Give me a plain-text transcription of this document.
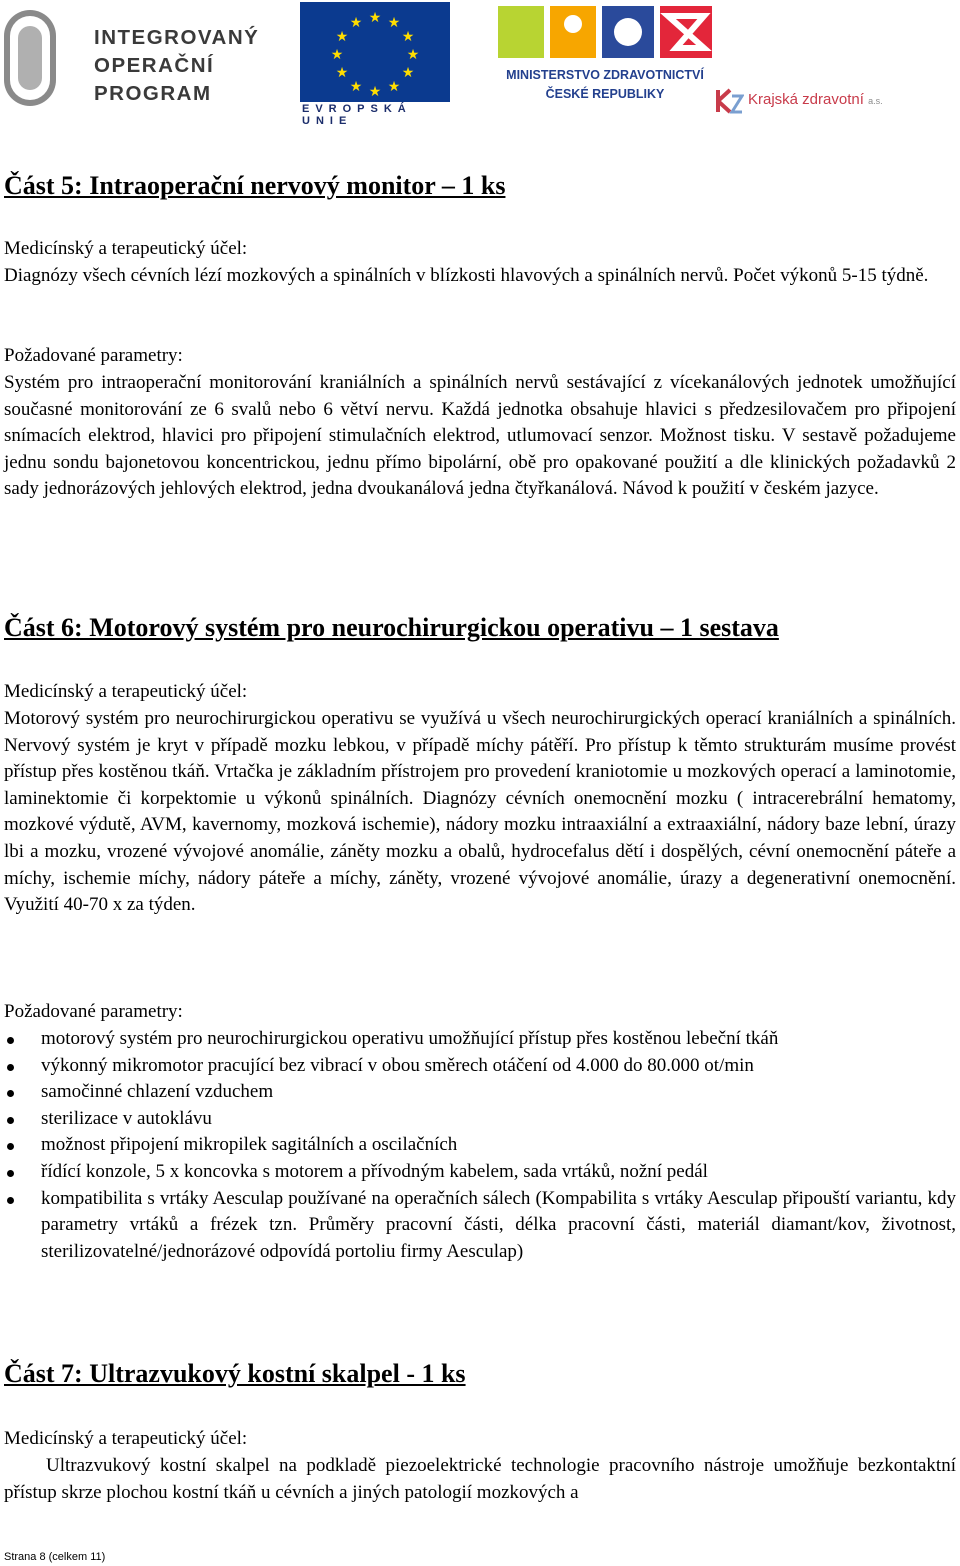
INTEGROVANÝ
OPERAČNÍ
PROGRAM
★ ★
★
★
★
★
★
★
★
★
★
★
EVROPSKÁ UNIE
MINISTERSTVO ZDRAVOTNICTVÍ
ČESKÉ REPUBLIKY	Krajská zdravotní a.s.
Část 5: Intraoperační nervový monitor – 1 ks

Medicínský a terapeutický účel:

Diagnózy všech cévních lézí mozkových a spinálních v blízkosti hlavových a spinálních nervů. Počet výkonů 5-15 týdně.

Požadované parametry:

Systém pro intraoperační monitorování kraniálních a spinálních nervů sestávající z vícekanálových jednotek umožňující současné monitorování ze 6 svalů nebo 6 větví nervu. Každá jednotka obsahuje hlavici s předzesilovačem pro připojení snímacích elektrod, hlavici pro připojení stimulačních elektrod, utlumovací senzor. Možnost tisku. V sestavě požadujeme jednu sondu bajonetovou koncentrickou, jednu přímo bipolární, obě pro opakované použití a dle klinických požadavků 2 sady jednorázových jehlových elektrod, jedna dvoukanálová jedna čtyřkanálová. Návod k použití v českém jazyce.

Část 6: Motorový systém pro neurochirurgickou operativu – 1 sestava

Medicínský a terapeutický účel:

Motorový systém pro neurochirurgickou operativu se využívá u všech neurochirurgických operací kraniálních a spinálních. Nervový systém je kryt v případě mozku lebkou, v případě míchy pátěří. Pro přístup k těmto strukturám musíme provést přístup přes kostěnou tkáň. Vrtačka je základním přístrojem pro provedení kraniotomie u mozkových operací a laminotomie, laminektomie či korpektomie u výkonů spinálních. Diagnózy cévních onemocnění mozku ( intracerebrální hematomy, mozkové výdutě, AVM, kavernomy, mozková ischemie), nádory mozku intraaxiální a extraaxiální, nádory baze lební, úrazy lbi a mozku, vrozené vývojové anomálie, záněty mozku a obalů, hydrocefalus dětí i dospělých, cévní onemocnění páteře a míchy, ischemie míchy, nádory páteře a míchy, záněty, vrozené vývojové anomálie, úrazy a degenerativní onemocnění. Využití 40-70 x za týden.

Požadované parametry:

motorový systém pro neurochirurgickou operativu umožňující přístup přes kostěnou lebeční tkáň
výkonný mikromotor pracující bez vibrací v obou směrech otáčení od 4.000 do 80.000 ot/min
samočinné chlazení vzduchem
sterilizace v autoklávu
možnost připojení mikropilek sagitálních a oscilačních
řídící konzole, 5 x koncovka s motorem a přívodným kabelem, sada vrtáků, nožní pedál
kompatibilita s vrtáky Aesculap používané na operačních sálech (Kompabilita s vrtáky Aesculap připouští variantu, kdy parametry vrtáků a frézek tzn. Průměry pracovní části, délka pracovní části, materiál diamant/kov, životnost, sterilizovatelné/jednorázové odpovídá portoliu firmy Aesculap)
Část 7: Ultrazvukový kostní skalpel - 1 ks

Medicínský a terapeutický účel:

Ultrazvukový kostní skalpel na podkladě piezoelektrické technologie pracovního nástroje umožňuje bezkontaktní přístup skrze plochou kostní tkáň u cévních a jiných patologií mozkových a

Strana 8 (celkem 11)
